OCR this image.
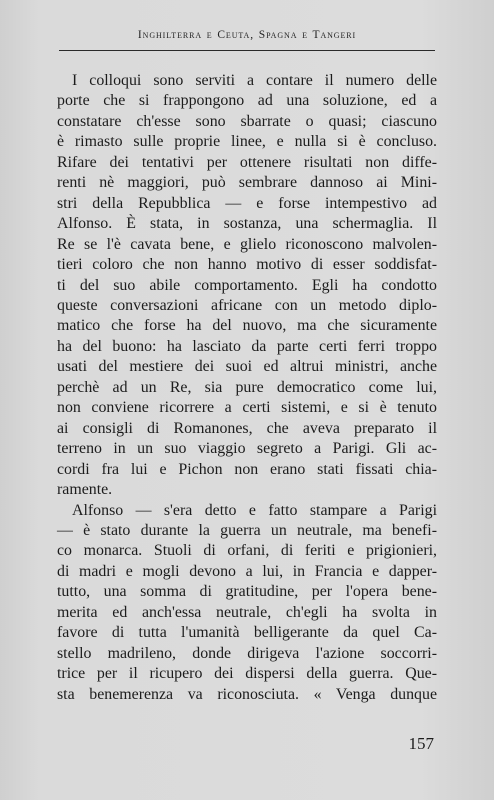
Inghilterra e Ceuta, Spagna e Tangeri

I colloqui sono serviti a contare il numero delle
porte che si frappongono ad una soluzione, ed a
constatare ch'esse sono sbarrate o quasi; ciascuno
è rimasto sulle proprie linee, e nulla si è concluso.
Rifare dei tentativi per ottenere risultati non diffe-
renti nè maggiori, può sembrare dannoso ai Mini-
stri della Repubblica — e forse intempestivo ad
Alfonso. È stata, in sostanza, una schermaglia. Il
Re se l'è cavata bene, e glielo riconoscono malvolen-
tieri coloro che non hanno motivo di esser soddisfat-
ti del suo abile comportamento. Egli ha condotto
queste conversazioni africane con un metodo diplo-
matico che forse ha del nuovo, ma che sicuramente
ha del buono: ha lasciato da parte certi ferri troppo
usati del mestiere dei suoi ed altrui ministri, anche
perchè ad un Re, sia pure democratico come lui,
non conviene ricorrere a certi sistemi, e si è tenuto
ai consigli di Romanones, che aveva preparato il
terreno in un suo viaggio segreto a Parigi. Gli ac-
cordi fra lui e Pichon non erano stati fissati chia-
ramente.
Alfonso — s'era detto e fatto stampare a Parigi
— è stato durante la guerra un neutrale, ma benefi-
co monarca. Stuoli di orfani, di feriti e prigionieri,
di madri e mogli devono a lui, in Francia e dapper-
tutto, una somma di gratitudine, per l'opera bene-
merita ed anch'essa neutrale, ch'egli ha svolta in
favore di tutta l'umanità belligerante da quel Ca-
stello madrileno, donde dirigeva l'azione soccorri-
trice per il ricupero dei dispersi della guerra. Que-
sta benemerenza va riconosciuta. « Venga dunque

157
